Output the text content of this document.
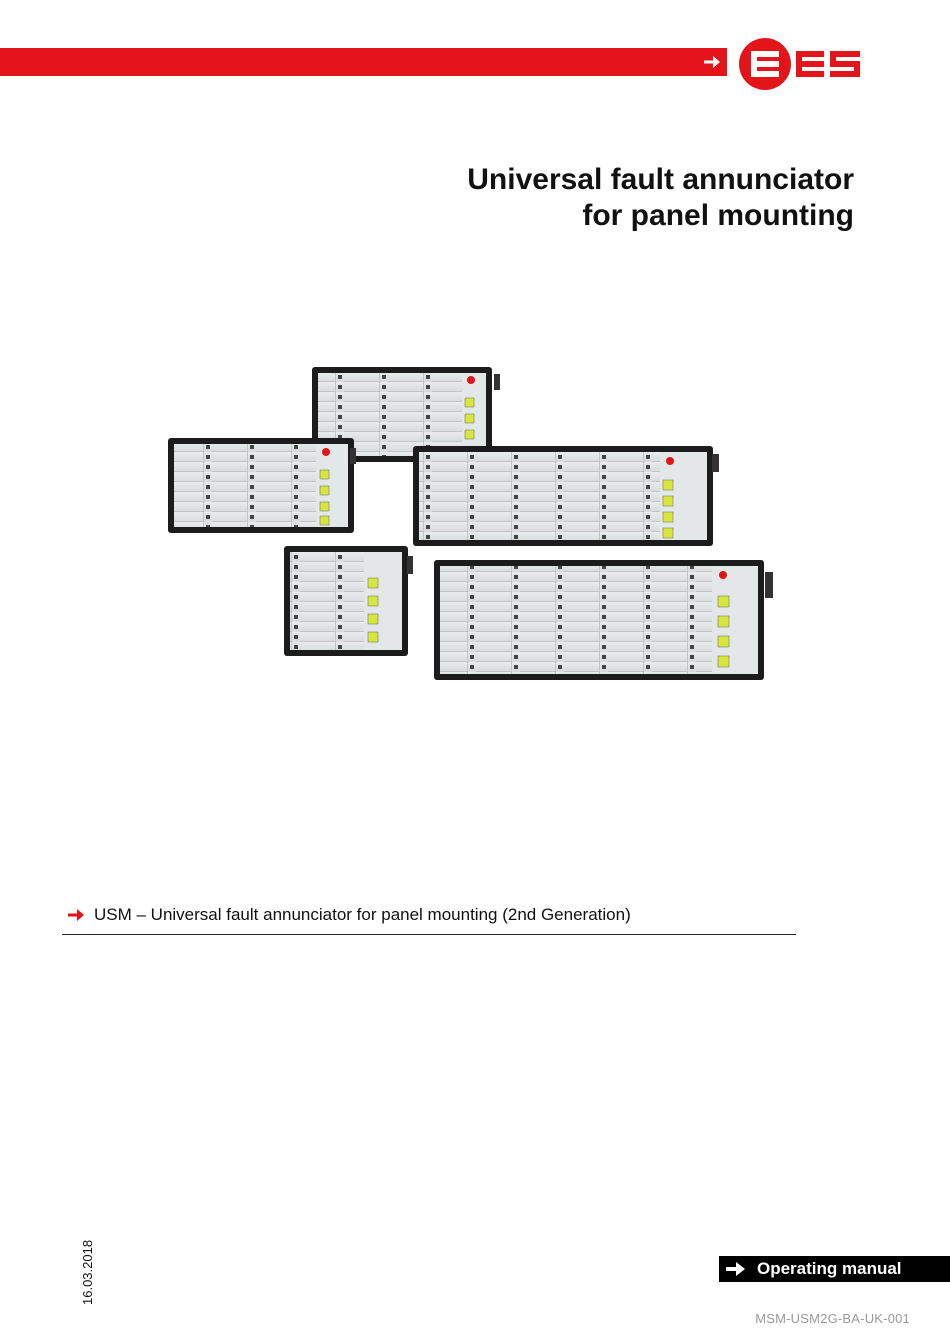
Universal fault annunciator
for panel mounting
USM – Universal fault annunciator for panel mounting (2nd Generation)
16.03.2018	Operating manual
MSM-USM2G-BA-UK-001
